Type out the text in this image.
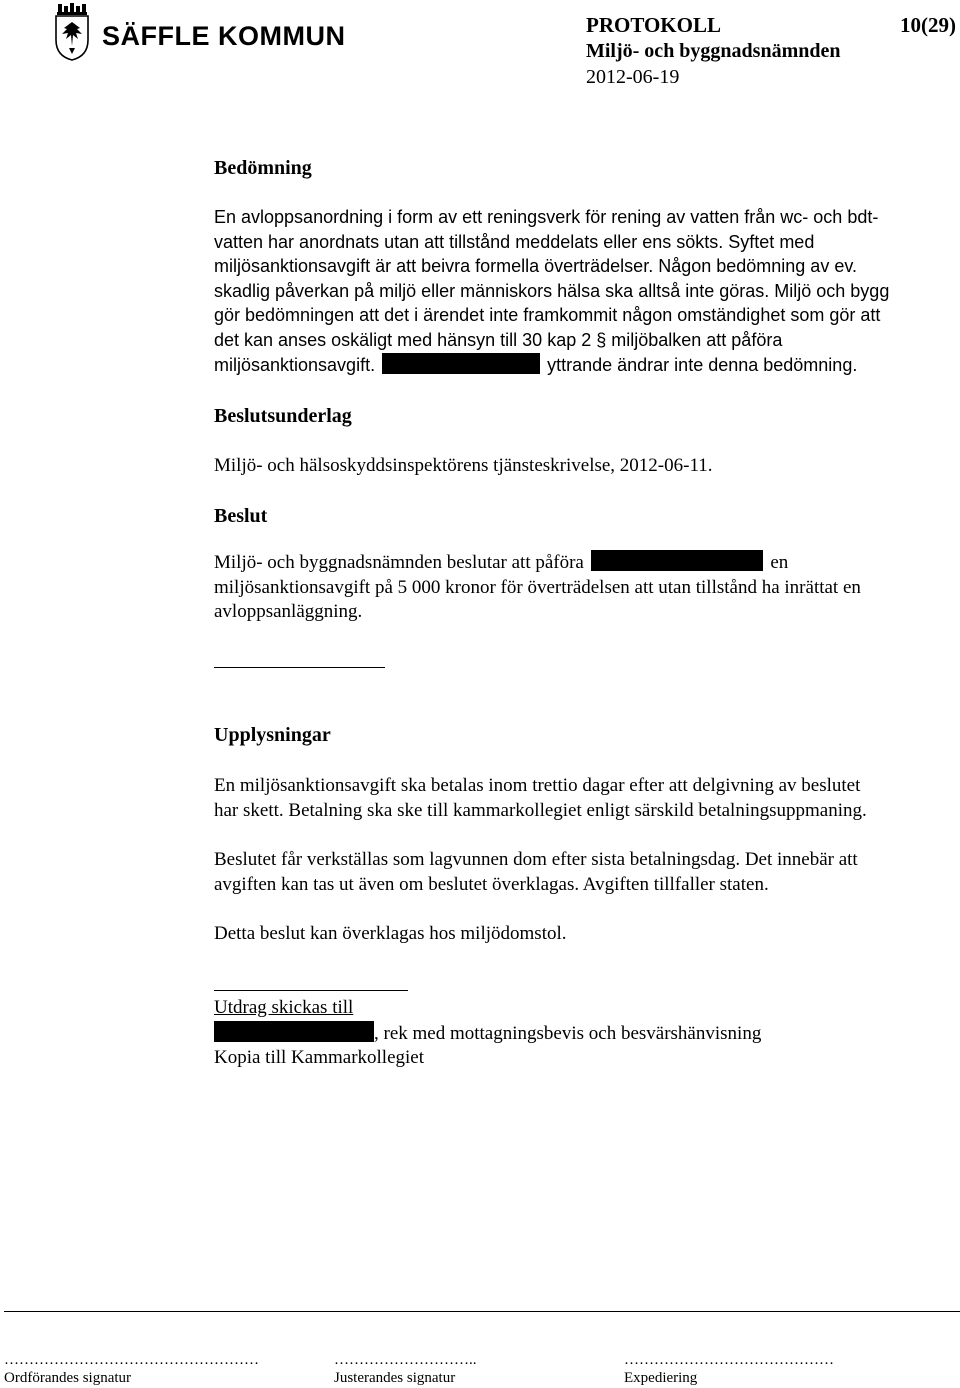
SÄFFLE KOMMUN	PROTOKOLL	10(29)
Miljö- och byggnadsnämnden
2012-06-19
Bedömning
En avloppsanordning i form av ett reningsverk för rening av vatten från wc- och bdt-
vatten har anordnats utan att tillstånd meddelats eller ens sökts. Syftet med
miljösanktionsavgift är att beivra formella överträdelser. Någon bedömning av ev.
skadlig påverkan på miljö eller människors hälsa ska alltså inte göras. Miljö och bygg
gör bedömningen att det i ärendet inte framkommit någon omständighet som gör att
det kan anses oskäligt med hänsyn till 30 kap 2 § miljöbalken att påföra
miljösanktionsavgift.	yttrande ändrar inte denna bedömning.
Beslutsunderlag
Miljö- och hälsoskyddsinspektörens tjänsteskrivelse, 2012-06-11.
Beslut
Miljö- och byggnadsnämnden beslutar att påföra	en
miljösanktionsavgift på 5 000 kronor för överträdelsen att utan tillstånd ha inrättat en
avloppsanläggning.
Upplysningar
En miljösanktionsavgift ska betalas inom trettio dagar efter att delgivning av beslutet
har skett. Betalning ska ske till kammarkollegiet enligt särskild betalningsuppmaning.
Beslutet får verkställas som lagvunnen dom efter sista betalningsdag. Det innebär att
avgiften kan tas ut även om beslutet överklagas. Avgiften tillfaller staten.
Detta beslut kan överklagas hos miljödomstol.
Utdrag skickas till
, rek med mottagningsbevis och besvärshänvisning
Kopia till Kammarkollegiet
……………………………………………	………………………..	……………………………………
Ordförandes signatur	Justerandes signatur	Expediering
